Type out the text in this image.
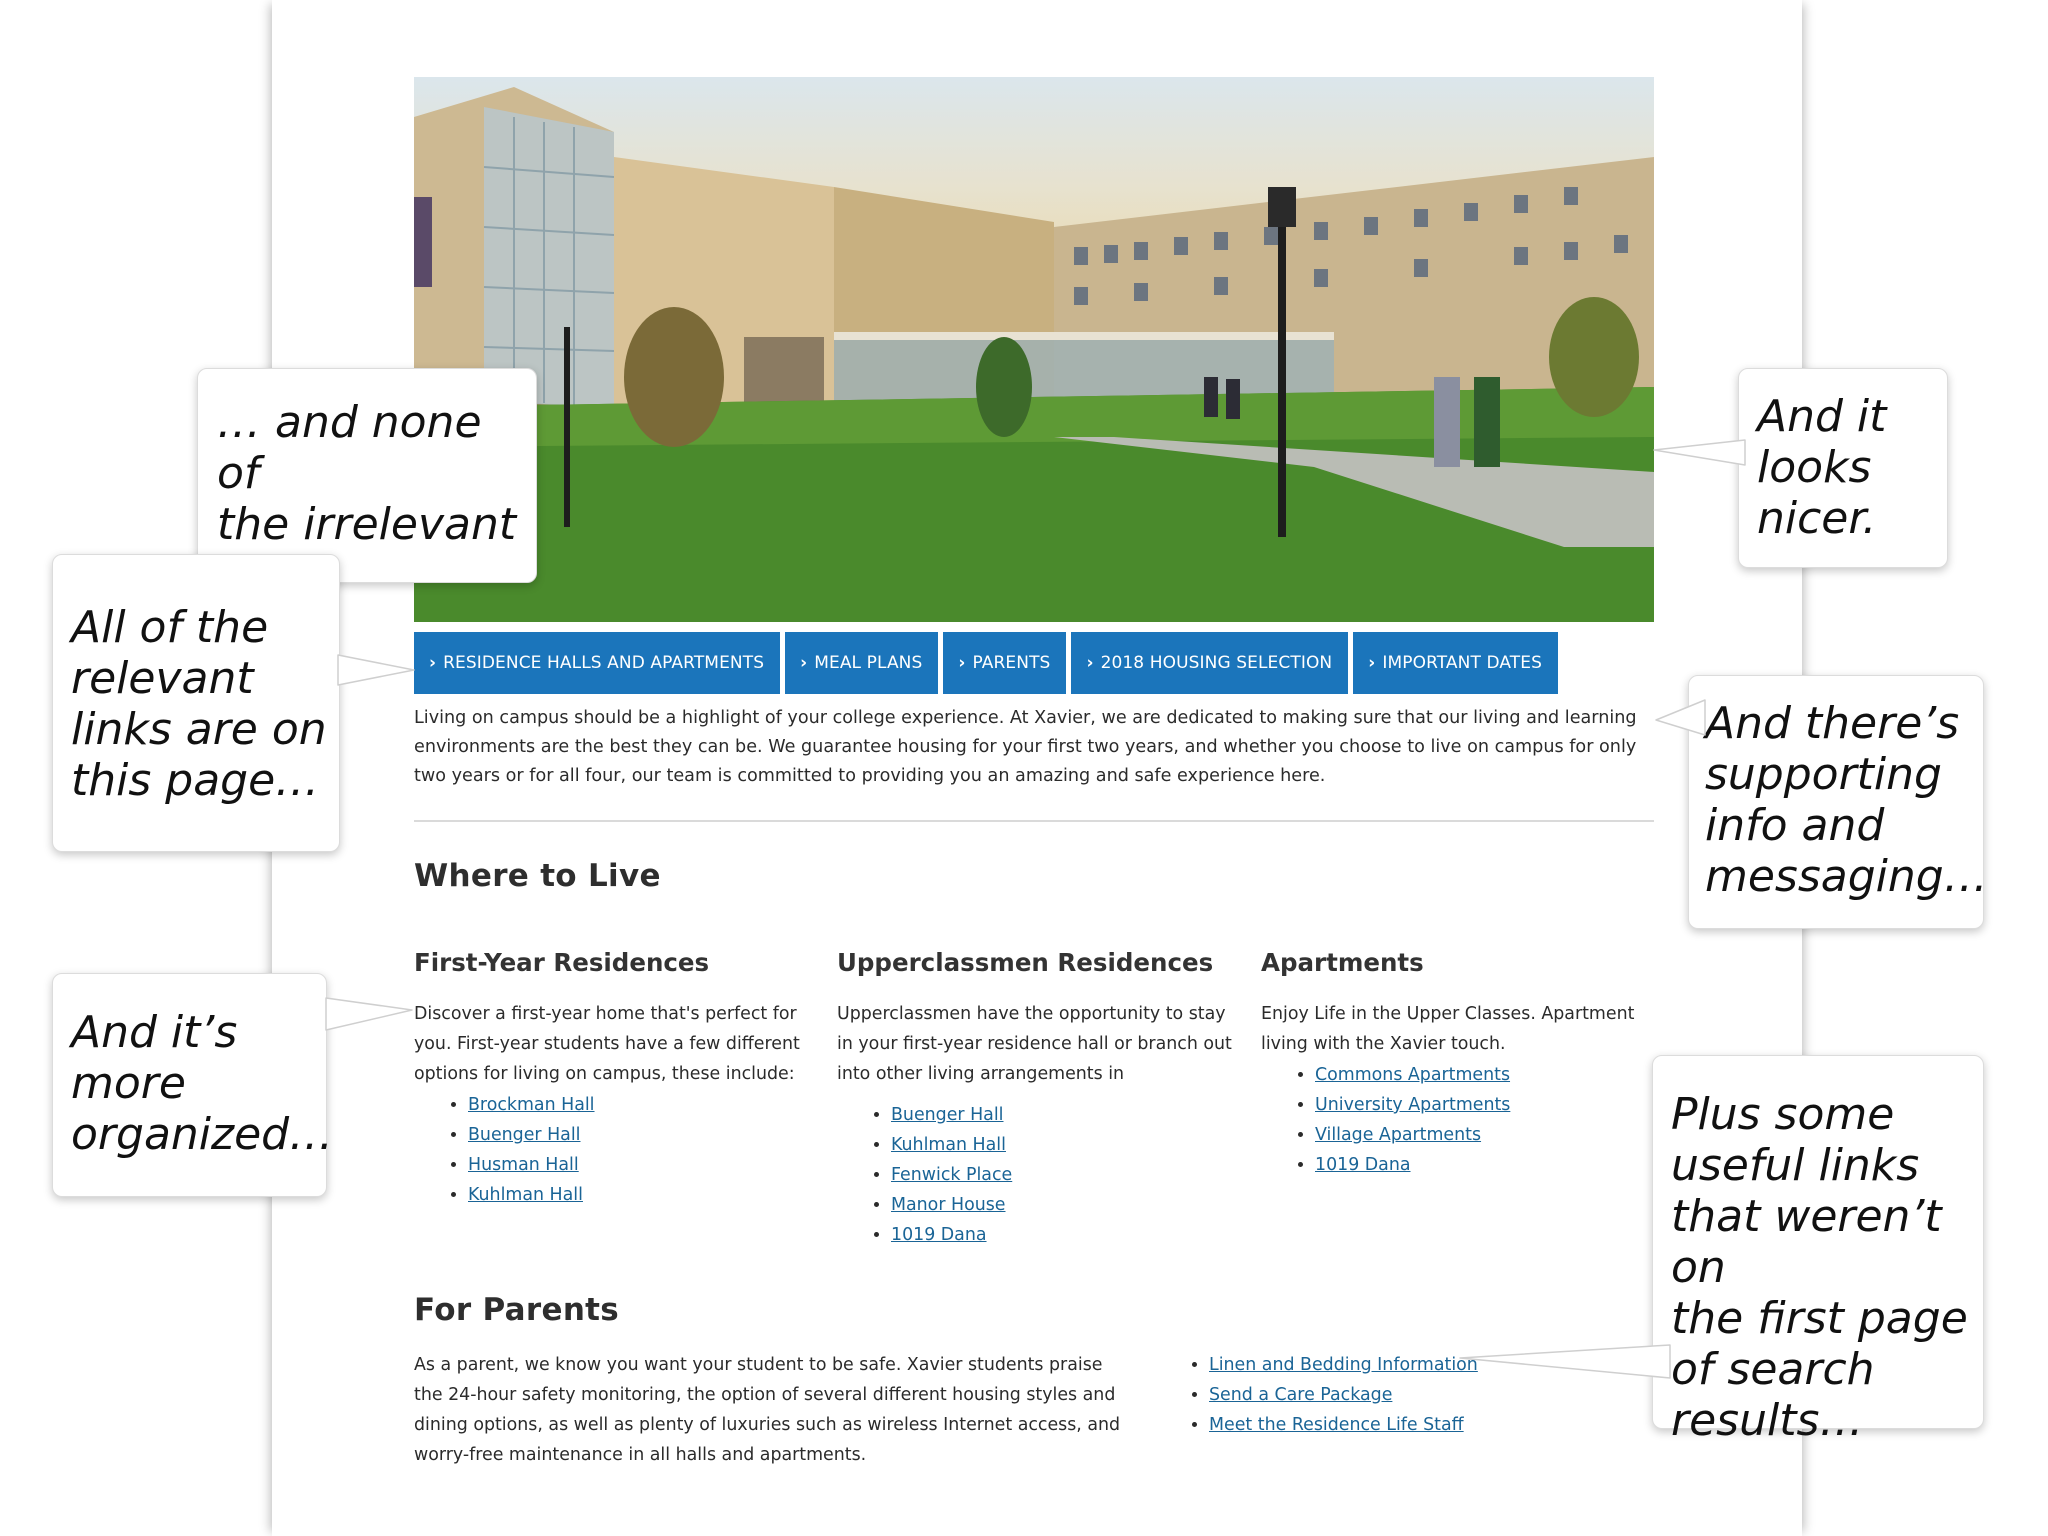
› RESIDENCE HALLS AND APARTMENTS › MEAL PLANS › PARENTS › 2018 HOUSING SELECTION › IMPORTANT DATES
Living on campus should be a highlight of your college experience. At Xavier, we are dedicated to making sure that our living and learning environments are the best they can be. We guarantee housing for your first two years, and whether you choose to live on campus for only two years or for all four, our team is committed to providing you an amazing and safe experience here.
Where to Live
First-Year Residences
Discover a first-year home that's perfect for you. First-year students have a few different options for living on campus, these include:
• Brockman Hall
• Buenger Hall
• Husman Hall
• Kuhlman Hall
Upperclassmen Residences
Upperclassmen have the opportunity to stay in your first-year residence hall or branch out into other living arrangements in
• Buenger Hall
• Kuhlman Hall
• Fenwick Place
• Manor House
• 1019 Dana
Apartments
Enjoy Life in the Upper Classes. Apartment living with the Xavier touch.
• Commons Apartments
• University Apartments
• Village Apartments
• 1019 Dana
For Parents
As a parent, we know you want your student to be safe. Xavier students praise the 24-hour safety monitoring, the option of several different housing styles and dining options, as well as plenty of luxuries such as wireless Internet access, and worry-free maintenance in all halls and apartments.
• Linen and Bedding Information
• Send a Care Package
• Meet the Residence Life Staff
… and none of
the irrelevant
All of the
relevant
links are on
this page…
And it
looks
nicer.
And there’s
supporting
info and
messaging…
And it’s
more
organized…	Plus some
useful links
that weren’t on
the first page
of search
results…
